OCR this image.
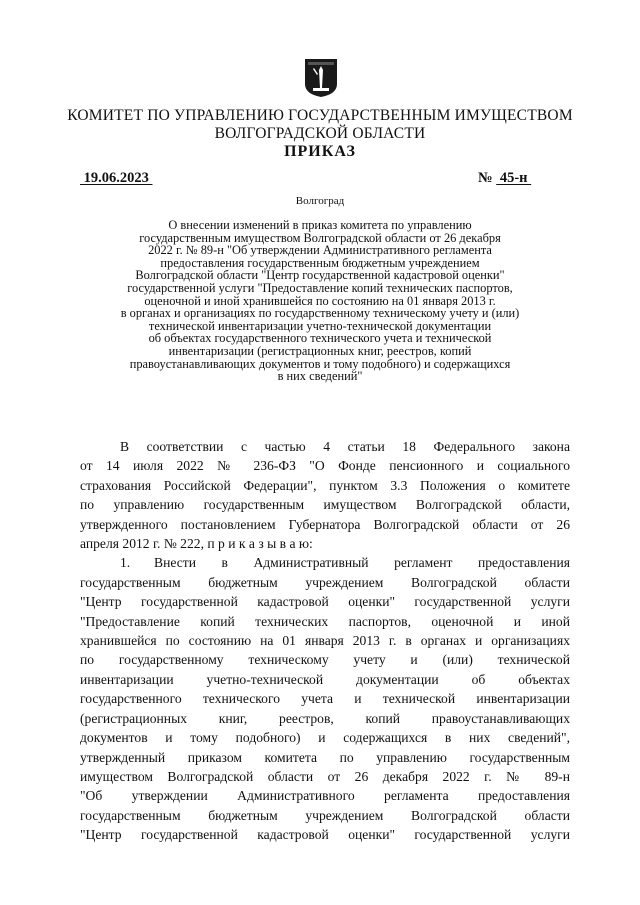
КОМИТЕТ ПО УПРАВЛЕНИЮ ГОСУДАРСТВЕННЫМ ИМУЩЕСТВОМ
ВОЛГОГРАДСКОЙ ОБЛАСТИ
ПРИКАЗ
19.06.2023	№  45-н
Волгоград
О внесении изменений в приказ комитета по управлению
государственным имуществом Волгоградской области от 26 декабря
2022 г. № 89-н "Об утверждении Административного регламента
предоставления государственным бюджетным учреждением
Волгоградской области "Центр государственной кадастровой оценки"
государственной услуги "Предоставление копий технических паспортов,
оценочной и иной хранившейся по состоянию на 01 января 2013 г.
в органах и организациях по государственному техническому учету и (или)
технической инвентаризации учетно-технической документации
об объектах государственного технического учета и технической
инвентаризации (регистрационных книг, реестров, копий
правоустанавливающих документов и тому подобного) и содержащихся
в них сведений"
В соответствии с частью 4 статьи 18 Федерального закона
от 14 июля 2022 № 236-ФЗ "О Фонде пенсионного и социального
страхования Российской Федерации", пунктом 3.3 Положения о комитете
по управлению государственным имуществом Волгоградской области,
утвержденного постановлением Губернатора Волгоградской области от 26
апреля 2012 г. № 222, п р и к а з ы в а ю:
1. Внести в Административный регламент предоставления
государственным бюджетным учреждением Волгоградской области
"Центр государственной кадастровой оценки" государственной услуги
"Предоставление копий технических паспортов, оценочной и иной
хранившейся по состоянию на 01 января 2013 г. в органах и организациях
по государственному техническому учету и (или) технической
инвентаризации учетно-технической документации об объектах
государственного технического учета и технической инвентаризации
(регистрационных книг, реестров, копий правоустанавливающих
документов и тому подобного) и содержащихся в них сведений",
утвержденный приказом комитета по управлению государственным
имуществом Волгоградской области от 26 декабря 2022 г. № 89-н
"Об утверждении Административного регламента предоставления
государственным бюджетным учреждением Волгоградской области
"Центр государственной кадастровой оценки" государственной услуги
